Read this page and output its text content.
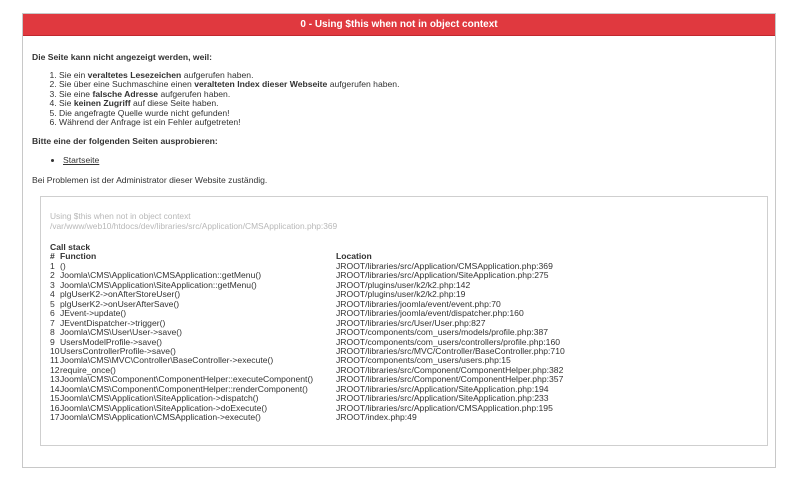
0 - Using $this when not in object context
Die Seite kann nicht angezeigt werden, weil:
1. Sie ein veraltetes Lesezeichen aufgerufen haben.
2. Sie über eine Suchmaschine einen veralteten Index dieser Webseite aufgerufen haben.
3. Sie eine falsche Adresse aufgerufen haben.
4. Sie keinen Zugriff auf diese Seite haben.
5. Die angefragte Quelle wurde nicht gefunden!
6. Während der Anfrage ist ein Fehler aufgetreten!
Bitte eine der folgenden Seiten ausprobieren:
• Startseite

Bei Problemen ist der Administrator dieser Website zuständig.

Using $this when not in object context
/var/www/web10/htdocs/dev/libraries/src/Application/CMSApplication.php:369
Call stack
#	Function	Location
1	()	JROOT/libraries/src/Application/CMSApplication.php:369
2	Joomla\CMS\Application\CMSApplication::getMenu()	JROOT/libraries/src/Application/SiteApplication.php:275
3	Joomla\CMS\Application\SiteApplication::getMenu()	JROOT/plugins/user/k2/k2.php:142
4	plgUserK2->onAfterStoreUser()	JROOT/plugins/user/k2/k2.php:19
5	plgUserK2->onUserAfterSave()	JROOT/libraries/joomla/event/event.php:70
6	JEvent->update()	JROOT/libraries/joomla/event/dispatcher.php:160
7	JEventDispatcher->trigger()	JROOT/libraries/src/User/User.php:827
8	Joomla\CMS\User\User->save()	JROOT/components/com_users/models/profile.php:387
9	UsersModelProfile->save()	JROOT/components/com_users/controllers/profile.php:160
10	UsersControllerProfile->save()	JROOT/libraries/src/MVC/Controller/BaseController.php:710
11	Joomla\CMS\MVC\Controller\BaseController->execute()	JROOT/components/com_users/users.php:15
12	require_once()	JROOT/libraries/src/Component/ComponentHelper.php:382
13	Joomla\CMS\Component\ComponentHelper::executeComponent()	JROOT/libraries/src/Component/ComponentHelper.php:357
14	Joomla\CMS\Component\ComponentHelper::renderComponent()	JROOT/libraries/src/Application/SiteApplication.php:194
15	Joomla\CMS\Application\SiteApplication->dispatch()	JROOT/libraries/src/Application/SiteApplication.php:233
16	Joomla\CMS\Application\SiteApplication->doExecute()	JROOT/libraries/src/Application/CMSApplication.php:195
17	Joomla\CMS\Application\CMSApplication->execute()	JROOT/index.php:49
